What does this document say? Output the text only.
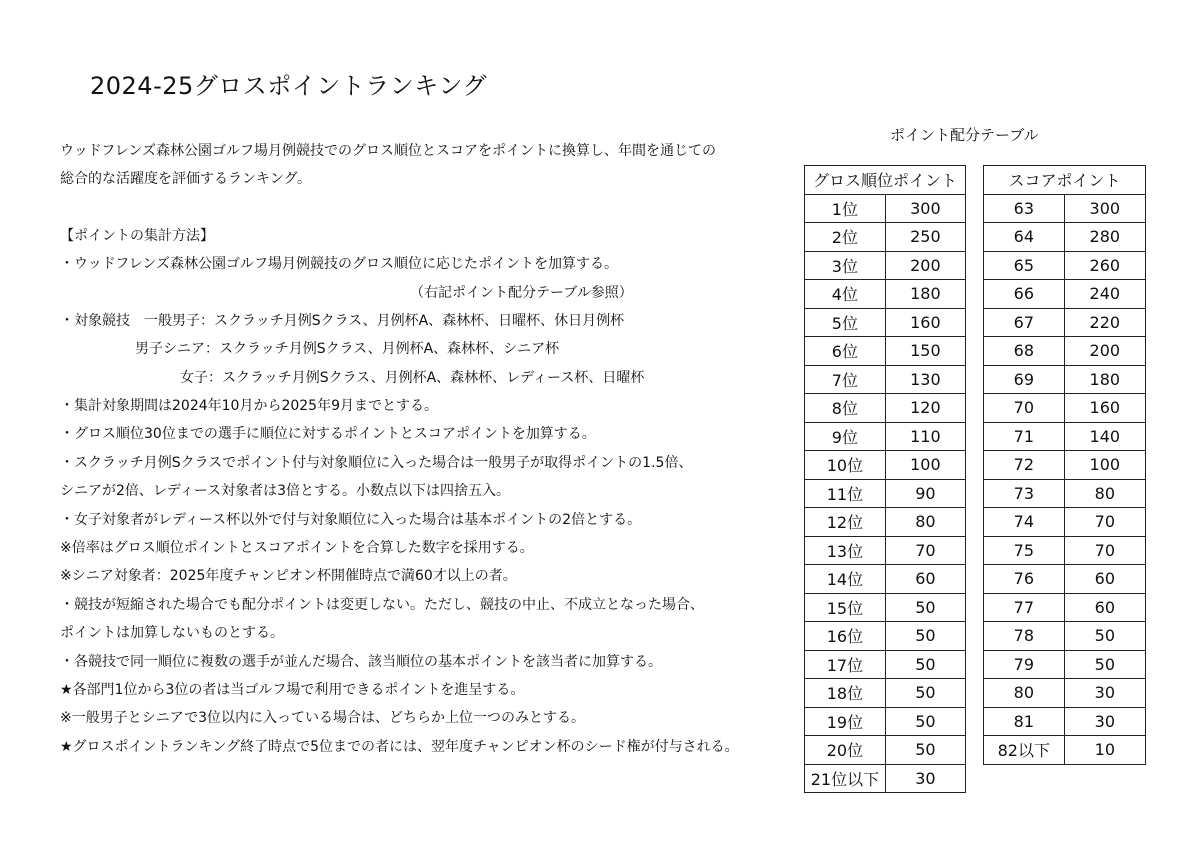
2024-25グロスポイントランキング
ウッドフレンズ森林公園ゴルフ場月例競技でのグロス順位とスコアをポイントに換算し、年間を通じての
総合的な活躍度を評価するランキング。
【ポイントの集計方法】
・ウッドフレンズ森林公園ゴルフ場月例競技のグロス順位に応じたポイントを加算する。
（右記ポイント配分テーブル参照）
・対象競技　一般男子：スクラッチ月例Sクラス、月例杯A、森林杯、日曜杯、休日月例杯
男子シニア：スクラッチ月例Sクラス、月例杯A、森林杯、シニア杯
女子：スクラッチ月例Sクラス、月例杯A、森林杯、レディース杯、日曜杯
・集計対象期間は2024年10月から2025年9月までとする。
・グロス順位30位までの選手に順位に対するポイントとスコアポイントを加算する。
・スクラッチ月例Sクラスでポイント付与対象順位に入った場合は一般男子が取得ポイントの1.5倍、
シニアが2倍、レディース対象者は3倍とする。小数点以下は四捨五入。
・女子対象者がレディース杯以外で付与対象順位に入った場合は基本ポイントの2倍とする。
※倍率はグロス順位ポイントとスコアポイントを合算した数字を採用する。
※シニア対象者：2025年度チャンピオン杯開催時点で満60才以上の者。
・競技が短縮された場合でも配分ポイントは変更しない。ただし、競技の中止、不成立となった場合、
ポイントは加算しないものとする。
・各競技で同一順位に複数の選手が並んだ場合、該当順位の基本ポイントを該当者に加算する。
★各部門1位から3位の者は当ゴルフ場で利用できるポイントを進呈する。
※一般男子とシニアで3位以内に入っている場合は、どちらか上位一つのみとする。
★グロスポイントランキング終了時点で5位までの者には、翌年度チャンピオン杯のシード権が付与される。
ポイント配分テーブル
グロス順位ポイント	
1位	300
2位	250
3位	200
4位	180
5位	160
6位	150
7位	130
8位	120
9位	110
10位	100
11位	90
12位	80
13位	70
14位	60
15位	50
16位	50
17位	50
18位	50
19位	50
20位	50
21位以下	30
スコアポイント	
63	300
64	280
65	260
66	240
67	220
68	200
69	180
70	160
71	140
72	100
73	80
74	70
75	70
76	60
77	60
78	50
79	50
80	30
81	30
82以下	10
